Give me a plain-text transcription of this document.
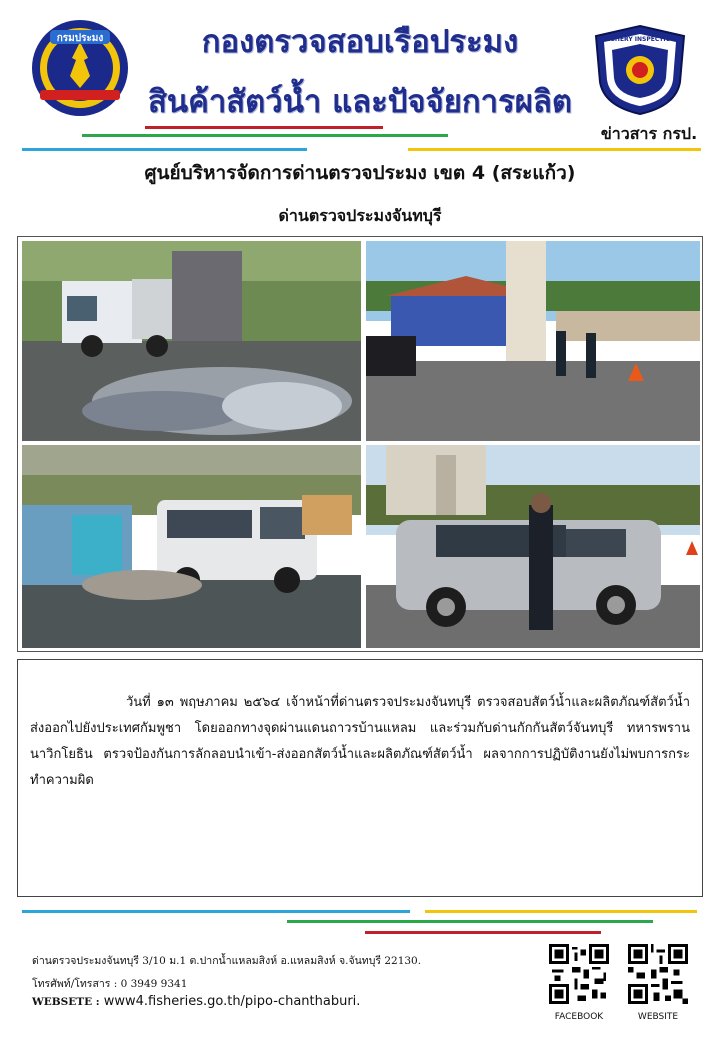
กรมประมง	กองตรวจสอบเรือประมง
สินค้าสัตว์น้ำ และปัจจัยการผลิต
FISHERY INSPECTION
ข่าวสาร กรป.
ศูนย์บริหารจัดการด่านตรวจประมง เขต 4 (สระแก้ว)
ด่านตรวจประมงจันทบุรี

วันที่ ๑๓ พฤษภาคม ๒๕๖๔ เจ้าหน้าที่ด่านตรวจประมงจันทบุรี ตรวจสอบสัตว์น้ำและผลิตภัณฑ์สัตว์น้ำส่งออกไปยังประเทศกัมพูชา โดยออกทางจุดผ่านแดนถาวรบ้านแหลม และร่วมกับด่านกักกันสัตว์จันทบุรี ทหารพรานนาวิกโยธิน ตรวจป้องกันการลักลอบนำเข้า-ส่งออกสัตว์น้ำและผลิตภัณฑ์สัตว์น้ำ ผลจากการปฏิบัติงานยังไม่พบการกระทำความผิด

ด่านตรวจประมงจันทบุรี 3/10 ม.1 ต.ปากน้ำแหลมสิงห์ อ.แหลมสิงห์ จ.จันทบุรี 22130.
โทรศัพท์/โทรสาร : 0 3949 9341
WEBSETE : www4.fisheries.go.th/pipo-chanthaburi.
FACEBOOK	WEBSITE
